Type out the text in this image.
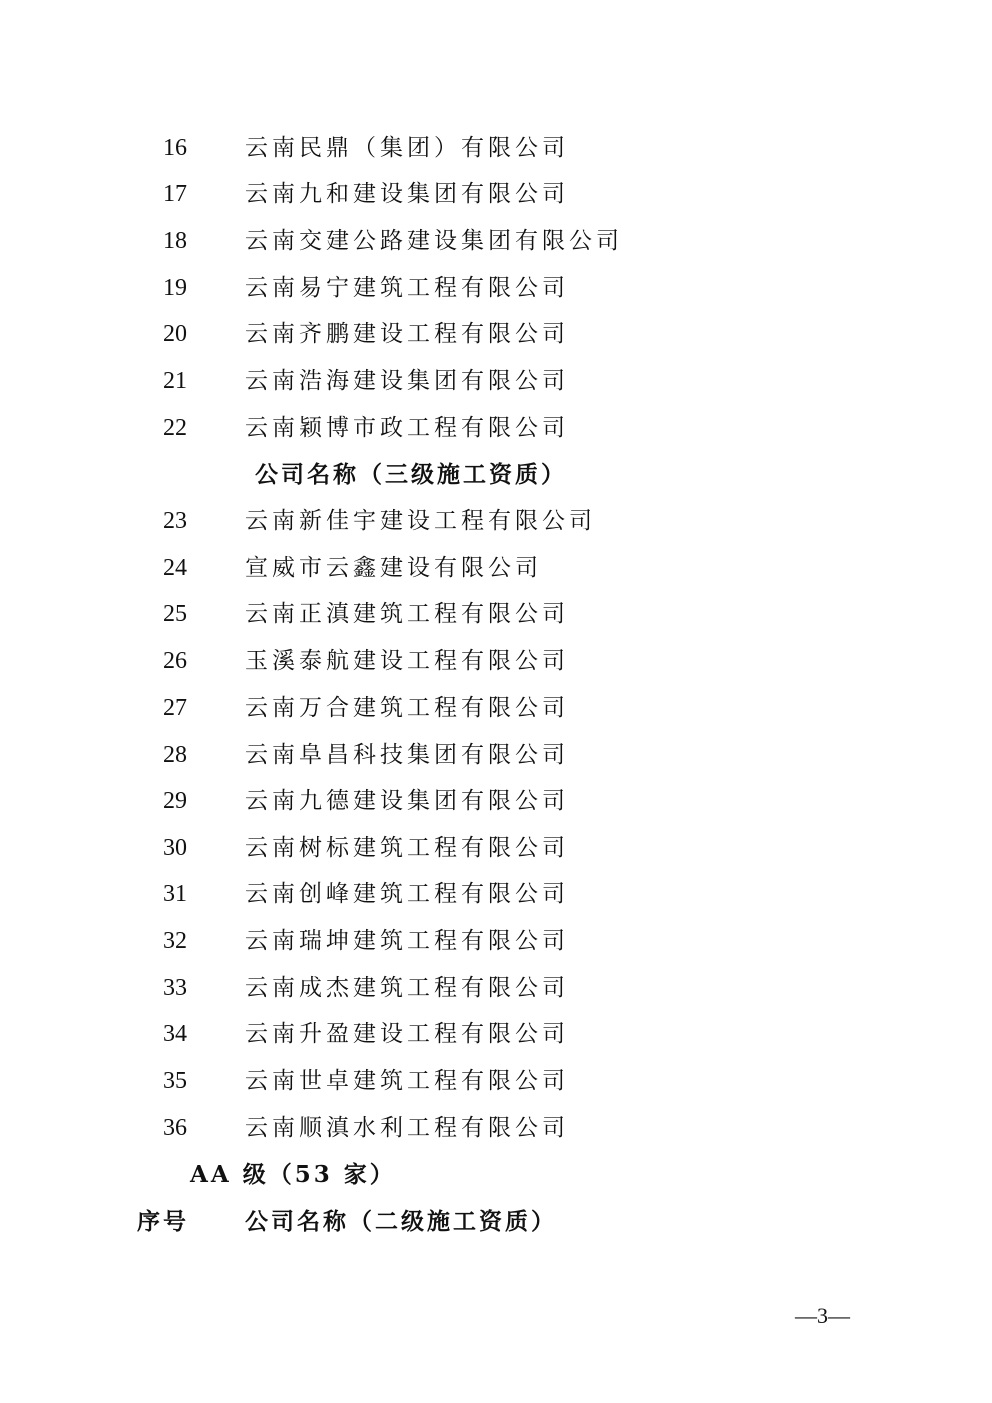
16	云南民鼎（集团）有限公司
17	云南九和建设集团有限公司
18	云南交建公路建设集团有限公司
19	云南易宁建筑工程有限公司
20	云南齐鹏建设工程有限公司
21	云南浩海建设集团有限公司
22	云南颖博市政工程有限公司
公司名称（三级施工资质）
23	云南新佳宇建设工程有限公司
24	宣威市云鑫建设有限公司
25	云南正滇建筑工程有限公司
26	玉溪泰航建设工程有限公司
27	云南万合建筑工程有限公司
28	云南阜昌科技集团有限公司
29	云南九德建设集团有限公司
30	云南树标建筑工程有限公司
31	云南创峰建筑工程有限公司
32	云南瑞坤建筑工程有限公司
33	云南成杰建筑工程有限公司
34	云南升盈建设工程有限公司
35	云南世卓建筑工程有限公司
36	云南顺滇水利工程有限公司
AA 级（53 家）
序号 公司名称（二级施工资质）
—3—
